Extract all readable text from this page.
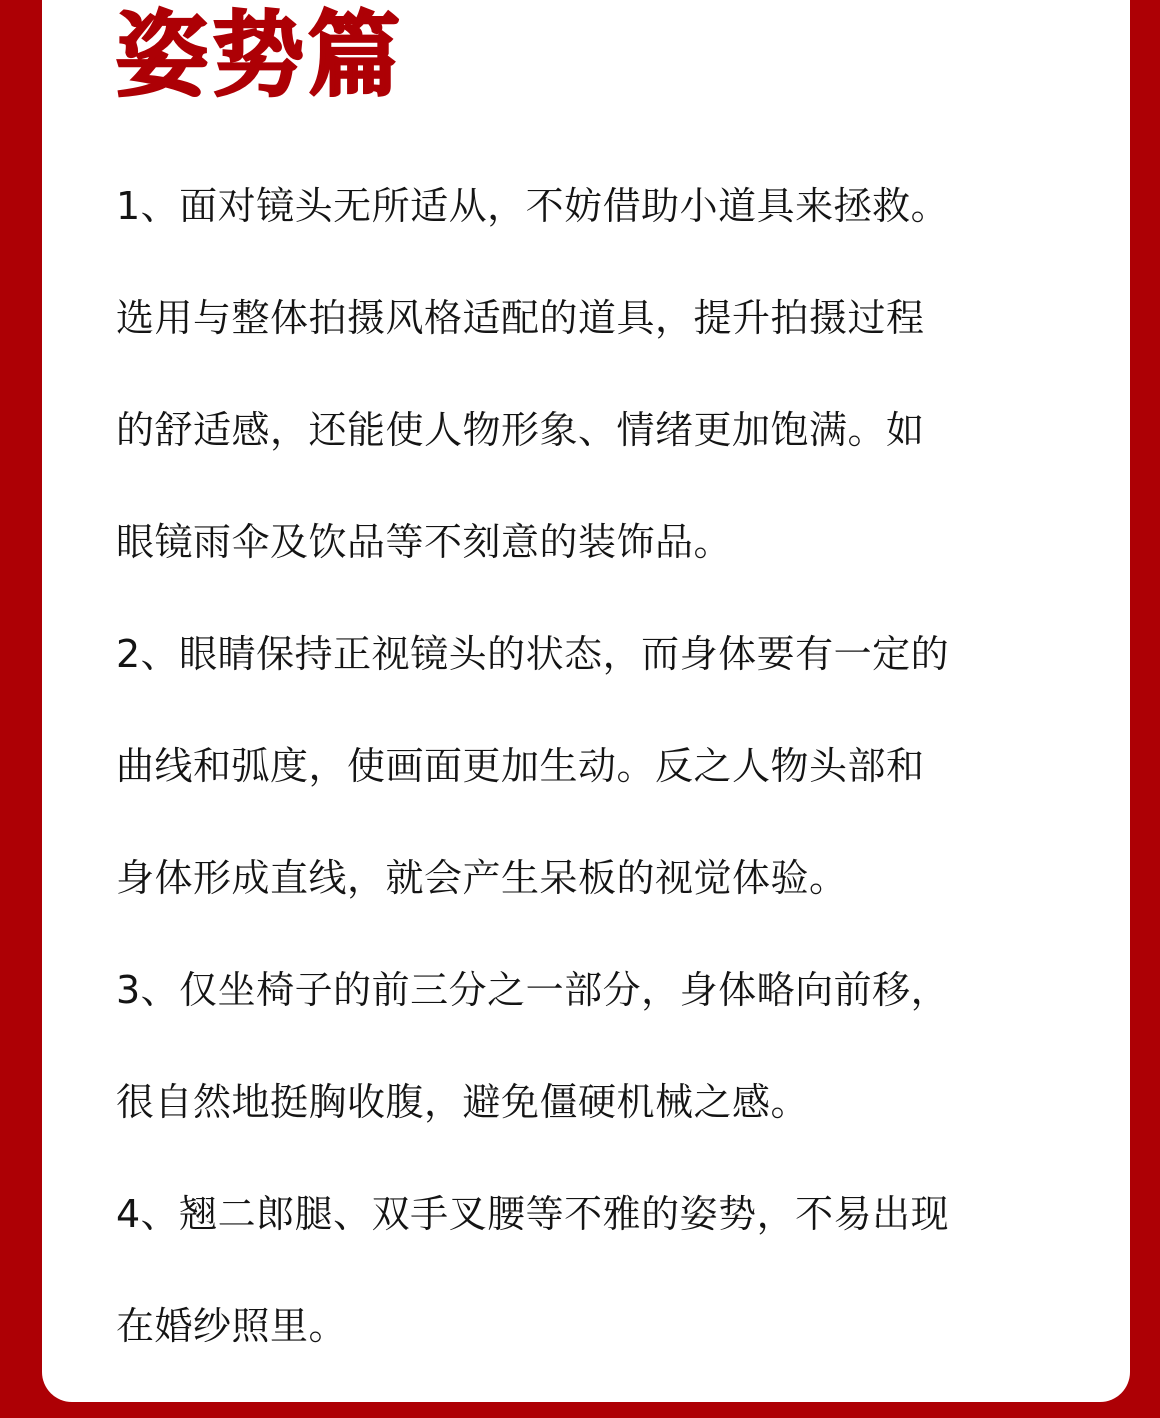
姿势篇

1、面对镜头无所适从，不妨借助小道具来拯救。

选用与整体拍摄风格适配的道具，提升拍摄过程

的舒适感，还能使人物形象、情绪更加饱满。如

眼镜雨伞及饮品等不刻意的装饰品。

2、眼睛保持正视镜头的状态，而身体要有一定的

曲线和弧度，使画面更加生动。反之人物头部和

身体形成直线，就会产生呆板的视觉体验。

3、仅坐椅子的前三分之一部分，身体略向前移，

很自然地挺胸收腹，避免僵硬机械之感。

4、翘二郎腿、双手叉腰等不雅的姿势，不易出现

在婚纱照里。
